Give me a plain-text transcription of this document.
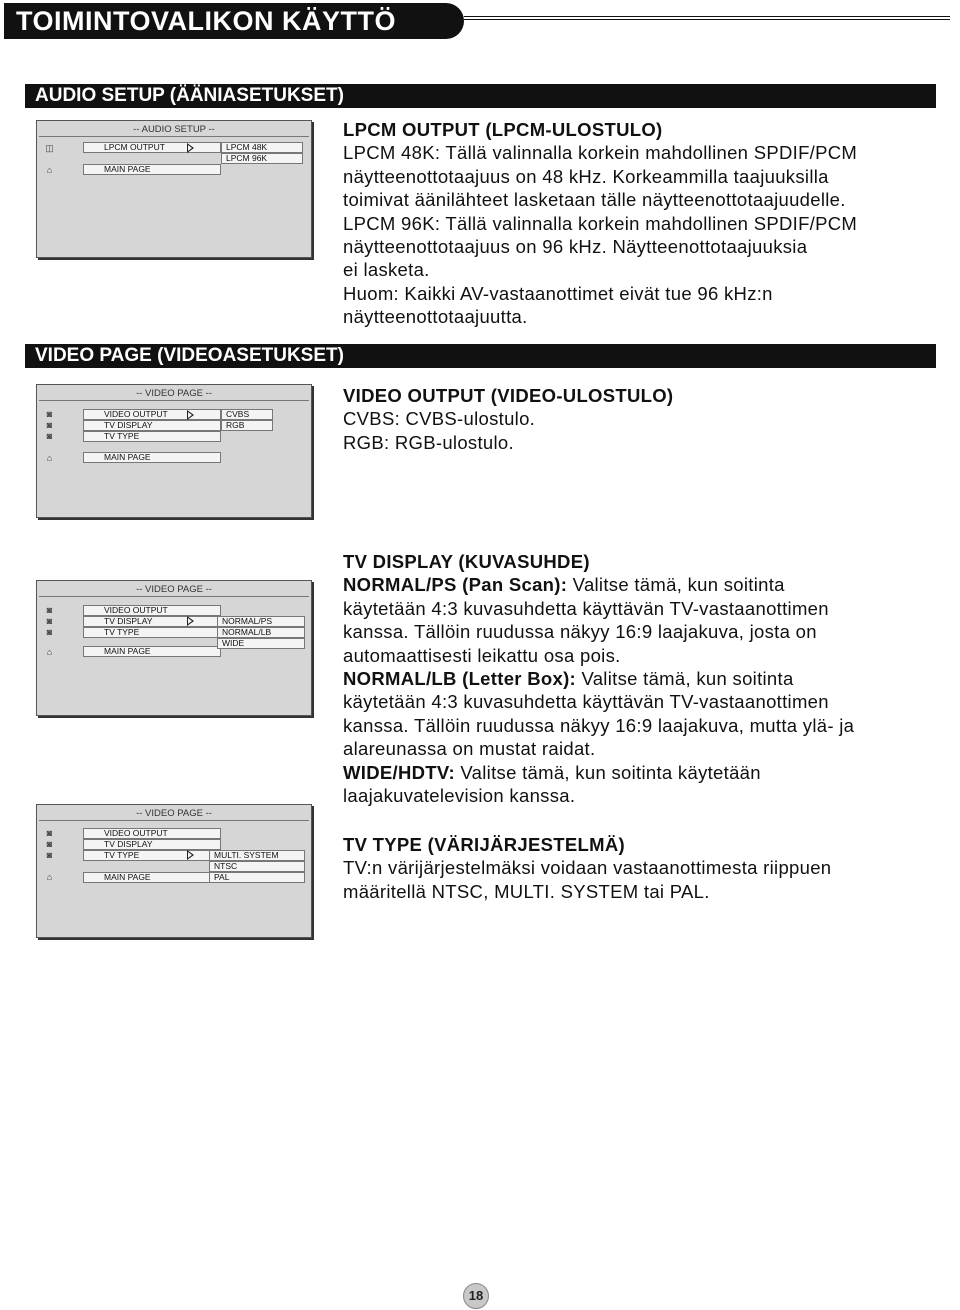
TOIMINTOVALIKON KÄYTTÖ
AUDIO SETUP (ÄÄNIASETUKSET)
-- AUDIO SETUP --
◫
⌂
LPCM OUTPUT
MAIN PAGE
LPCM 48K
LPCM 96K
LPCM OUTPUT (LPCM-ULOSTULO)
LPCM 48K: Tällä valinnalla korkein mahdollinen SPDIF/PCM
näytteenottotaajuus on 48 kHz. Korkeammilla taajuuksilla
toimivat äänilähteet lasketaan tälle näytteenottotaajuudelle.
LPCM 96K: Tällä valinnalla korkein mahdollinen SPDIF/PCM
näytteenottotaajuus on 96 kHz. Näytteenottotaajuuksia
ei lasketa.
Huom: Kaikki AV-vastaanottimet eivät tue 96 kHz:n
näytteenottotaajuutta.
VIDEO PAGE (VIDEOASETUKSET)
-- VIDEO PAGE --
◙
◙
◙
⌂
VIDEO OUTPUT
TV DISPLAY
TV TYPE
MAIN PAGE
CVBS
RGB
VIDEO OUTPUT (VIDEO-ULOSTULO)
CVBS: CVBS-ulostulo.
RGB: RGB-ulostulo.
-- VIDEO PAGE --
◙
◙
◙
⌂
VIDEO OUTPUT
TV DISPLAY
TV TYPE
MAIN PAGE
NORMAL/PS
NORMAL/LB
WIDE
-- VIDEO PAGE --
◙
◙
◙
⌂
VIDEO OUTPUT
TV DISPLAY
TV TYPE
MAIN PAGE
MULTI. SYSTEM
NTSC
PAL
TV DISPLAY (KUVASUHDE)
NORMAL/PS (Pan Scan): Valitse tämä, kun soitinta
käytetään 4:3 kuvasuhdetta käyttävän TV-vastaanottimen
kanssa. Tällöin ruudussa näkyy 16:9 laajakuva, josta on
automaattisesti leikattu osa pois.
NORMAL/LB (Letter Box): Valitse tämä, kun soitinta
käytetään 4:3 kuvasuhdetta käyttävän TV-vastaanottimen
kanssa. Tällöin ruudussa näkyy 16:9 laajakuva, mutta ylä- ja
alareunassa on mustat raidat.
WIDE/HDTV: Valitse tämä, kun soitinta käytetään
laajakuvatelevision kanssa.
TV TYPE (VÄRIJÄRJESTELMÄ)
TV:n värijärjestelmäksi voidaan vastaanottimesta riippuen
määritellä NTSC, MULTI. SYSTEM tai PAL.
18
